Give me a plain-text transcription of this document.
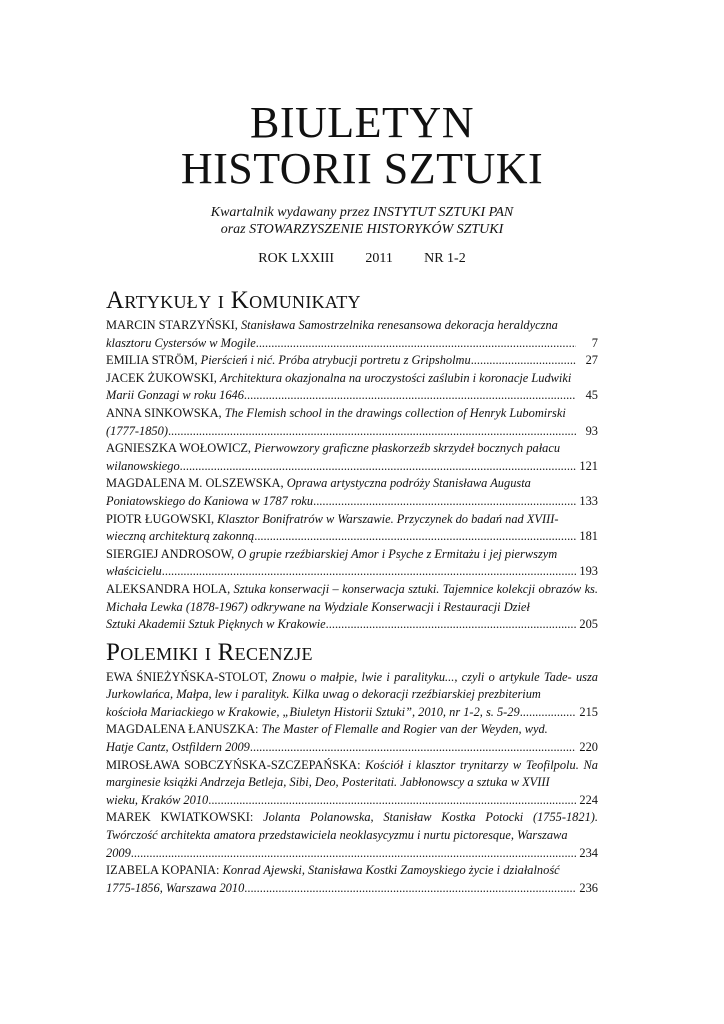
BIULETYN
HISTORII SZTUKI
Kwartalnik wydawany przez INSTYTUT SZTUKI PAN
oraz STOWARZYSZENIE HISTORYKÓW SZTUKI
ROK LXXIII	2011	NR 1-2
Artykuły i Komunikaty
MARCIN STARZYŃSKI, Stanisława Samostrzelnika renesansowa dekoracja heraldyczna
klasztoru Cystersów w Mogile .....	7
EMILIA STRÖM, Pierścień i nić. Próba atrybucji portretu z Gripsholmu .....	27
JACEK ŻUKOWSKI, Architektura okazjonalna na uroczystości zaślubin i koronacje Ludwiki
Marii Gonzagi w roku 1646 .....	45
ANNA SINKOWSKA, The Flemish school in the drawings collection of Henryk Lubomirski
(1777-1850) .....	93
AGNIESZKA WOŁOWICZ, Pierwowzory graficzne płaskorzeźb skrzydeł bocznych pałacu
wilanowskiego .....	121
MAGDALENA M. OLSZEWSKA, Oprawa artystyczna podróży Stanisława Augusta
Poniatowskiego do Kaniowa w 1787 roku .....	133
PIOTR ŁUGOWSKI, Klasztor Bonifratrów w Warszawie. Przyczynek do badań nad XVIII-
wieczną architekturą zakonną .....	181
SIERGIEJ ANDROSOW, O grupie rzeźbiarskiej Amor i Psyche z Ermitażu i jej pierwszym
właścicielu .....	193
ALEKSANDRA HOLA, Sztuka konserwacji – konserwacja sztuki. Tajemnice kolekcji obrazów ks. Michała Lewka (1878-1967) odkrywane na Wydziale Konserwacji i Restauracji Dzieł
Sztuki Akademii Sztuk Pięknych w Krakowie .....	205
Polemiki i Recenzje
EWA ŚNIEŻYŃSKA-STOLOT, Znowu o małpie, lwie i paralityku..., czyli o artykule Tade- usza Jurkowlańca, Małpa, lew i paralityk. Kilka uwag o dekoracji rzeźbiarskiej prezbiterium
kościoła Mariackiego w Krakowie, „Biuletyn Historii Sztuki”, 2010, nr 1-2, s. 5-29 .....	215
MAGDALENA ŁANUSZKA: The Master of Flemalle and Rogier van der Weyden, wyd.
Hatje Cantz, Ostfildern 2009 .....	220
MIROSŁAWA SOBCZYŃSKA-SZCZEPAŃSKA: Kościół i klasztor trynitarzy w Teofilpolu. Na marginesie książki Andrzeja Betleja, Sibi, Deo, Posteritati. Jabłonowscy a sztuka w XVIII
wieku, Kraków 2010 .....	224
MAREK KWIATKOWSKI: Jolanta Polanowska, Stanisław Kostka Potocki (1755-1821). Twórczość architekta amatora przedstawiciela neoklasycyzmu i nurtu pictoresque, Warszawa
2009 .....	234
IZABELA KOPANIA: Konrad Ajewski, Stanisława Kostki Zamoyskiego życie i działalność
1775-1856, Warszawa 2010 .....	236
